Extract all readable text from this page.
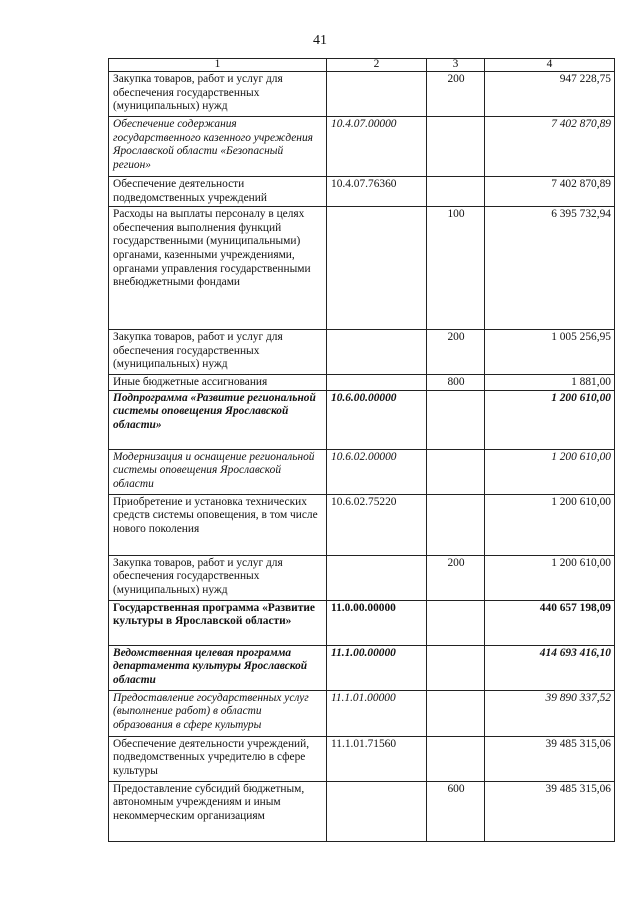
41
1	2	3	4
Закупка товаров, работ и услуг для обеспечения государственных (муниципальных) нужд		200	947 228,75
Обеспечение содержания государственного казенного учреждения Ярославской области «Безопасный регион»	10.4.07.00000		7 402 870,89
Обеспечение деятельности подведомственных учреждений	10.4.07.76360		7 402 870,89
Расходы на выплаты персоналу в целях обеспечения выполнения функций государственными (муниципальными) органами, казенными учреждениями, органами управления государственными внебюджетными фондами		100	6 395 732,94
Закупка товаров, работ и услуг для обеспечения государственных (муниципальных) нужд		200	1 005 256,95
Иные бюджетные ассигнования		800	1 881,00
Подпрограмма «Развитие региональной системы оповещения Ярославской области»	10.6.00.00000		1 200 610,00
Модернизация и оснащение региональной системы оповещения Ярославской области	10.6.02.00000		1 200 610,00
Приобретение и установка технических средств системы оповещения, в том числе нового поколения	10.6.02.75220		1 200 610,00
Закупка товаров, работ и услуг для обеспечения государственных (муниципальных) нужд		200	1 200 610,00
Государственная программа «Развитие культуры в Ярославской области»	11.0.00.00000		440 657 198,09
Ведомственная целевая программа департамента культуры Ярославской области	11.1.00.00000		414 693 416,10
Предоставление государственных услуг (выполнение работ) в области образования в сфере культуры	11.1.01.00000		39 890 337,52
Обеспечение деятельности учреждений, подведомственных учредителю в сфере культуры	11.1.01.71560		39 485 315,06
Предоставление субсидий бюджетным, автономным учреждениям и иным некоммерческим организациям		600	39 485 315,06
